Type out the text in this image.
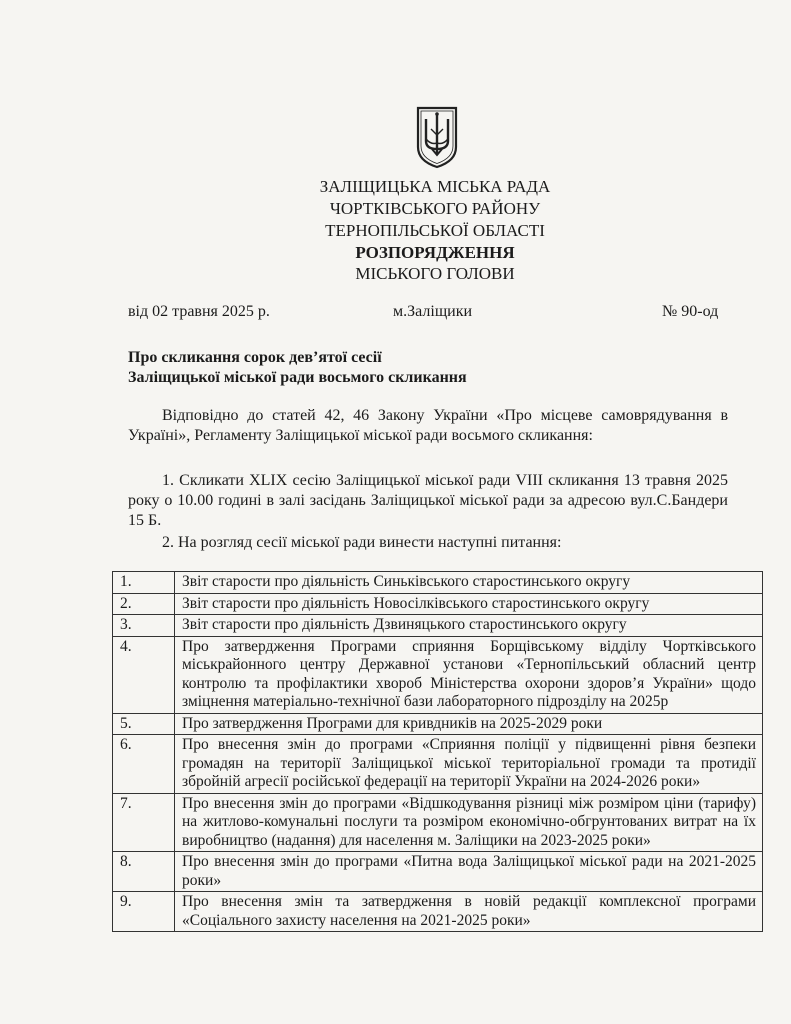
ЗАЛІЩИЦЬКА МІСЬКА РАДА
ЧОРТКІВСЬКОГО РАЙОНУ
ТЕРНОПІЛЬСЬКОЇ ОБЛАСТІ
РОЗПОРЯДЖЕННЯ
МІСЬКОГО ГОЛОВИ
від 02 травня 2025 р.	м.Заліщики	№ 90-од
Про скликання сорок дев’ятої сесії
Заліщицької міської ради восьмого скликання
Відповідно до статей 42, 46 Закону України «Про місцеве самоврядування в Україні», Регламенту Заліщицької міської ради восьмого скликання:
1. Скликати XLIX сесію Заліщицької міської ради VIII скликання 13 травня 2025 року о 10.00 годині в залі засідань Заліщицької міської ради за адресою вул.С.Бандери 15 Б.
2. На розгляд сесії міської ради винести наступні питання:
1.	Звіт старости про діяльність Синьківського старостинського округу
2.	Звіт старости про діяльність Новосілківського старостинського округу
3.	Звіт старости про діяльність Дзвиняцького старостинського округу
4.	Про затвердження Програми сприяння Борщівському відділу Чортківського міськрайонного центру Державної установи «Тернопільський обласний центр контролю та профілактики хвороб Міністерства охорони здоров’я України» щодо зміцнення матеріально-технічної бази лабораторного підрозділу на 2025р
5.	Про затвердження Програми для кривдників на 2025-2029 роки
6.	Про внесення змін до програми «Сприяння поліції у підвищенні рівня безпеки громадян на території Заліщицької міської територіальної громади та протидії збройній агресії російської федерації на території України на 2024-2026 роки»
7.	Про внесення змін до програми «Відшкодування різниці між розміром ціни (тарифу) на житлово-комунальні послуги та розміром економічно-обгрунтованих витрат на їх виробництво (надання) для населення м. Заліщики на 2023-2025 роки»
8.	Про внесення змін до програми «Питна вода Заліщицької міської ради на 2021-2025 роки»
9.	Про внесення змін та затвердження в новій редакції комплексної програми «Соціального захисту населення на 2021-2025 роки»
